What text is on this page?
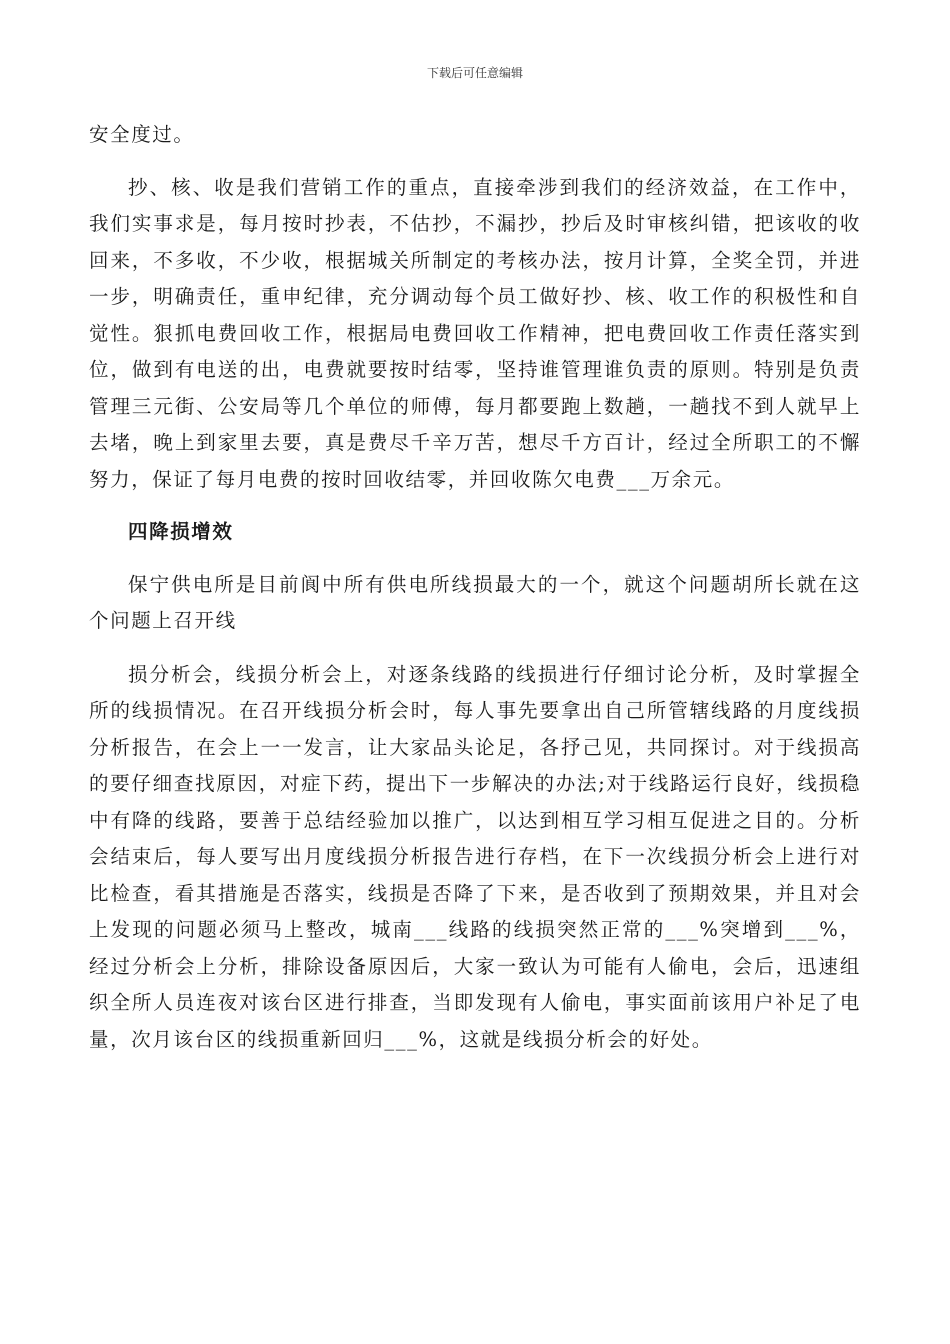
下载后可任意编辑

安全度过。

抄、核、收是我们营销工作的重点，直接牵涉到我们的经济效益，在工作中，我们实事求是，每月按时抄表，不估抄，不漏抄，抄后及时审核纠错，把该收的收回来，不多收，不少收，根据城关所制定的考核办法，按月计算，全奖全罚，并进一步，明确责任，重申纪律，充分调动每个员工做好抄、核、收工作的积极性和自觉性。狠抓电费回收工作，根据局电费回收工作精神，把电费回收工作责任落实到位，做到有电送的出，电费就要按时结零，坚持谁管理谁负责的原则。特别是负责管理三元街、公安局等几个单位的师傅，每月都要跑上数趟，一趟找不到人就早上去堵，晚上到家里去要，真是费尽千辛万苦，想尽千方百计，经过全所职工的不懈努力，保证了每月电费的按时回收结零，并回收陈欠电费___万余元。

四降损增效

保宁供电所是目前阆中所有供电所线损最大的一个，就这个问题胡所长就在这个问题上召开线

损分析会，线损分析会上，对逐条线路的线损进行仔细讨论分析，及时掌握全所的线损情况。在召开线损分析会时，每人事先要拿出自己所管辖线路的月度线损分析报告，在会上一一发言，让大家品头论足，各抒己见，共同探讨。对于线损高的要仔细查找原因，对症下药，提出下一步解决的办法;对于线路运行良好，线损稳中有降的线路，要善于总结经验加以推广，以达到相互学习相互促进之目的。分析会结束后，每人要写出月度线损分析报告进行存档，在下一次线损分析会上进行对比检查，看其措施是否落实，线损是否降了下来，是否收到了预期效果，并且对会上发现的问题必须马上整改，城南___线路的线损突然正常的___%突增到___%，经过分析会上分析，排除设备原因后，大家一致认为可能有人偷电，会后，迅速组织全所人员连夜对该台区进行排查，当即发现有人偷电，事实面前该用户补足了电量，次月该台区的线损重新回归___%，这就是线损分析会的好处。
